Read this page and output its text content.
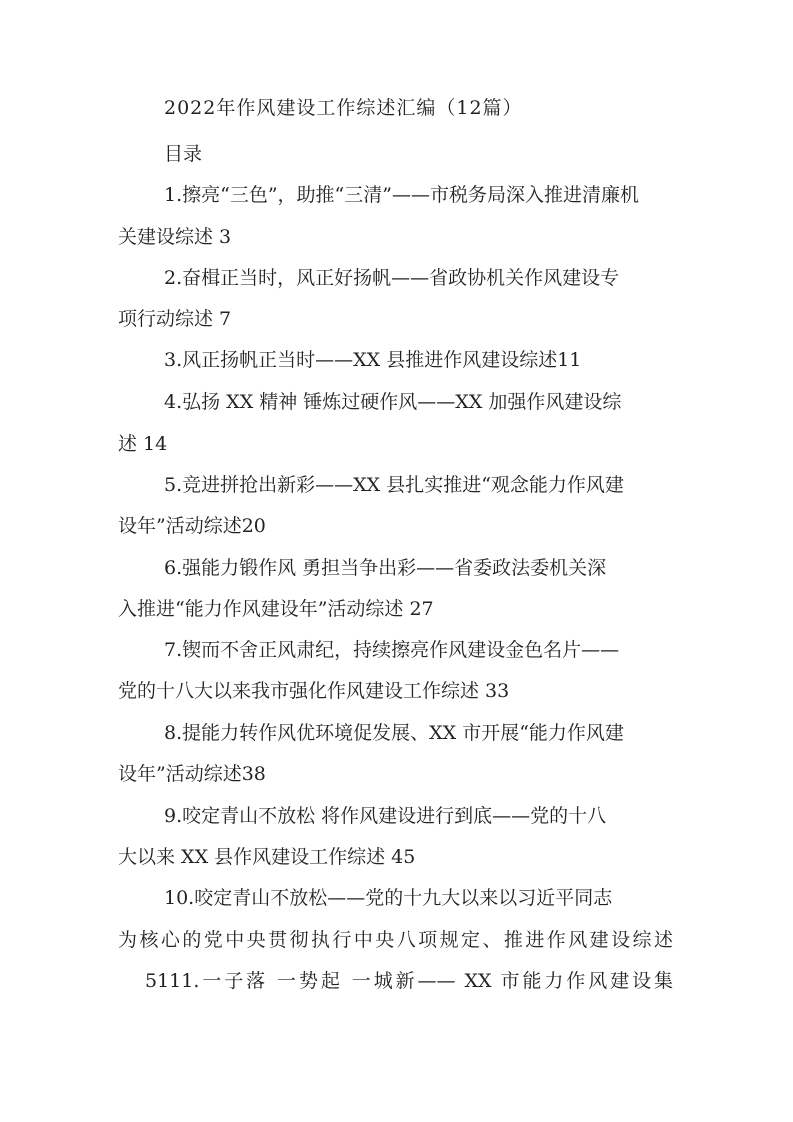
2022年作风建设工作综述汇编（12篇）
目录
1.擦亮“三色”，助推“三清”——市税务局深入推进清廉机
关建设综述 3
2.奋楫正当时，风正好扬帆——省政协机关作风建设专
项行动综述 7
3.风正扬帆正当时——XX 县推进作风建设综述11
4.弘扬 XX 精神 锤炼过硬作风——XX 加强作风建设综
述 14
5.竞进拼抢出新彩——XX 县扎实推进“观念能力作风建
设年”活动综述20
6.强能力锻作风 勇担当争出彩——省委政法委机关深
入推进“能力作风建设年”活动综述 27
7.锲而不舍正风肃纪，持续擦亮作风建设金色名片——
党的十八大以来我市强化作风建设工作综述 33
8.提能力转作风优环境促发展、XX 市开展“能力作风建
设年”活动综述38
9.咬定青山不放松 将作风建设进行到底——党的十八
大以来 XX 县作风建设工作综述 45
10.咬定青山不放松——党的十九大以来以习近平同志
为核心的党中央贯彻执行中央八项规定、推进作风建设综述
5111.一子落 一势起 一城新—— XX 市能力作风建设集
